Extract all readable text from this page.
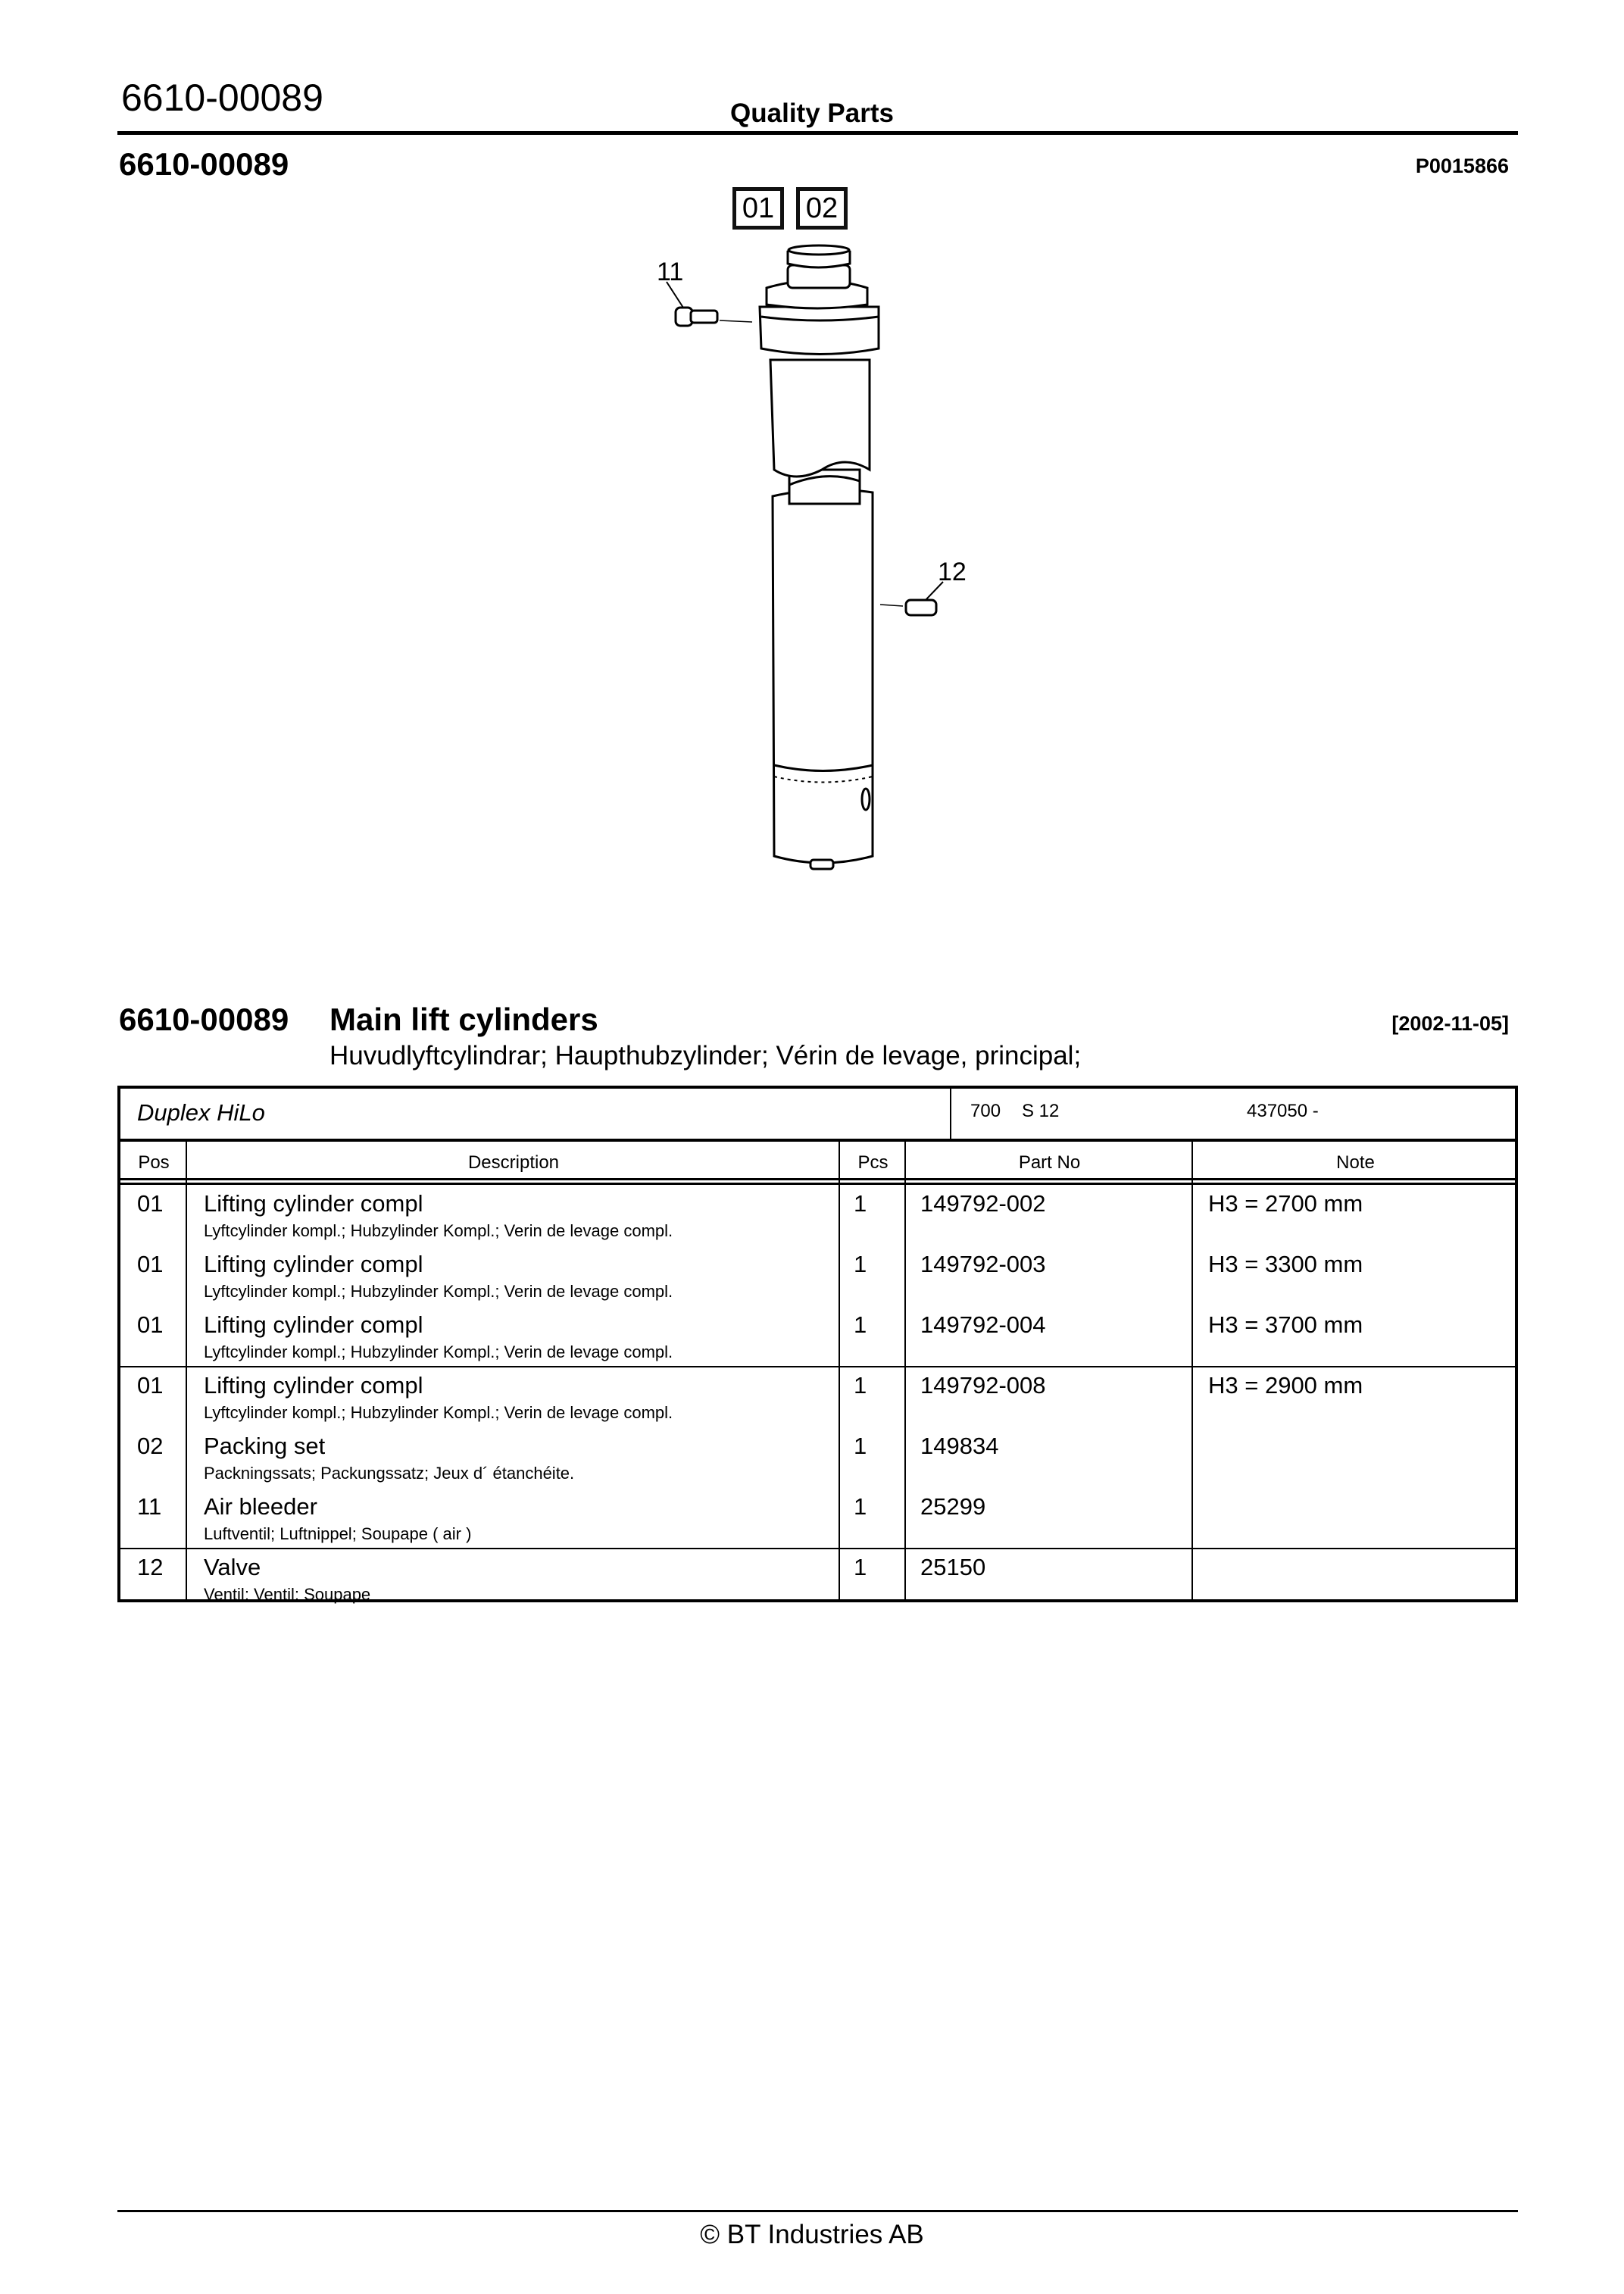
6610-00089	Quality Parts
6610-00089	P0015866
01	02
11
12
6610-00089 Main lift cylinders	[2002-11-05]
Huvudlyftcylindrar; Haupthubzylinder; Vérin de levage, principal;
Duplex HiLo	700 S 12	437050 -
Pos	Description	Pcs	Part No	Note
01 Lifting cylinder compl	1 149792-002	H3 = 2700 mm
Lyftcylinder kompl.; Hubzylinder Kompl.; Verin de levage compl.
01 Lifting cylinder compl	1 149792-003	H3 = 3300 mm
Lyftcylinder kompl.; Hubzylinder Kompl.; Verin de levage compl.
01 Lifting cylinder compl	1 149792-004	H3 = 3700 mm
Lyftcylinder kompl.; Hubzylinder Kompl.; Verin de levage compl.
01 Lifting cylinder compl	1 149792-008	H3 = 2900 mm
Lyftcylinder kompl.; Hubzylinder Kompl.; Verin de levage compl.
02 Packing set	1 149834
Packningssats; Packungssatz; Jeux d´ étanchéite.
11 Air bleeder	1 25299
Luftventil; Luftnippel; Soupape ( air )
12 Valve	1 25150
Ventil; Ventil; Soupape
© BT Industries AB
